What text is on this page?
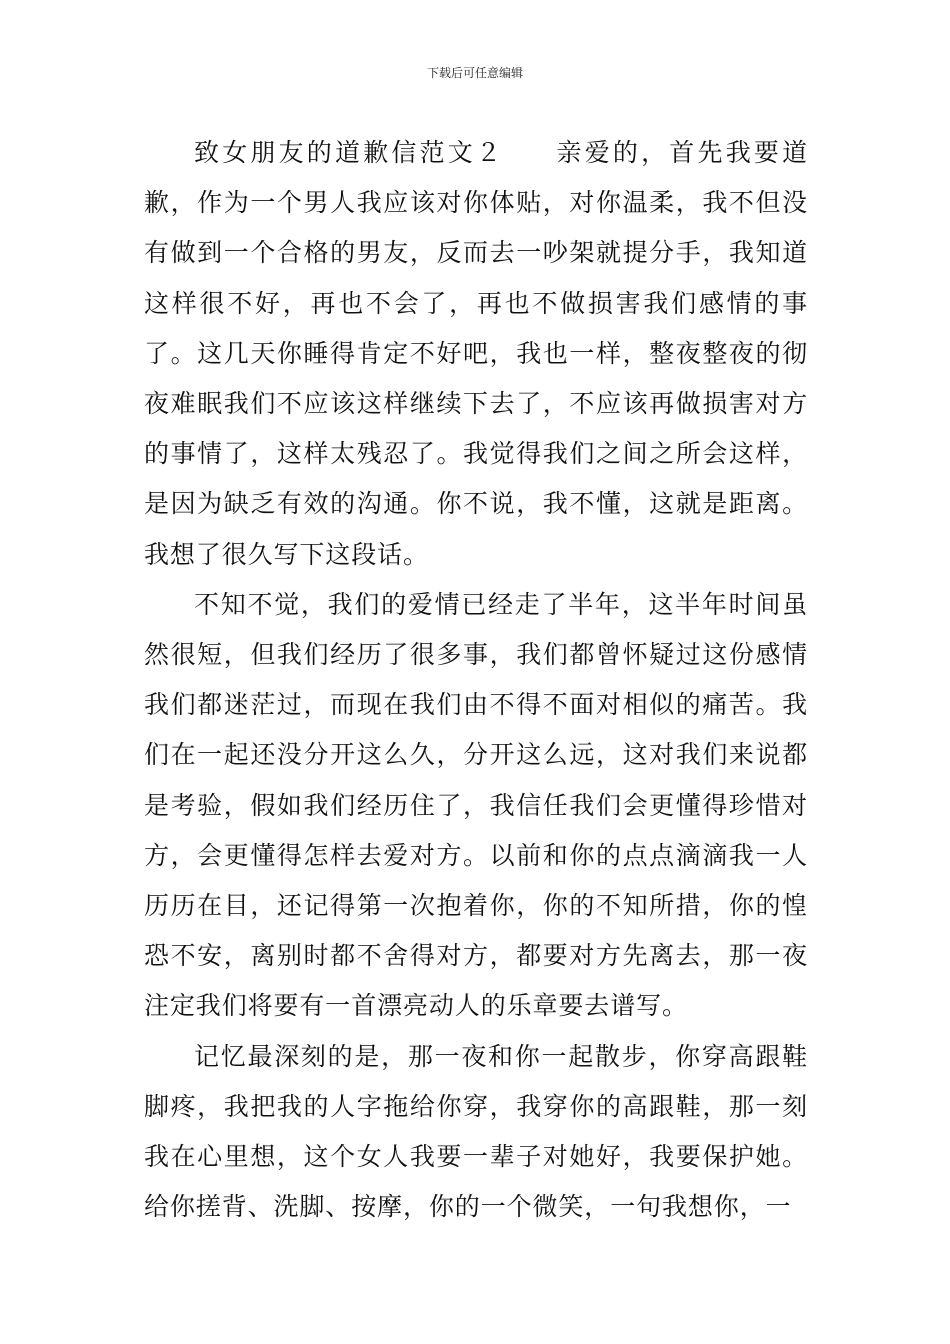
下载后可任意编辑

致女朋友的道歉信范文２ 亲爱的，首先我要道歉，作为一个男人我应该对你体贴，对你温柔，我不但没有做到一个合格的男友，反而去一吵架就提分手，我知道这样很不好，再也不会了，再也不做损害我们感情的事了。这几天你睡得肯定不好吧，我也一样，整夜整夜的彻夜难眠我们不应该这样继续下去了，不应该再做损害对方的事情了，这样太残忍了。我觉得我们之间之所会这样，是因为缺乏有效的沟通。你不说，我不懂，这就是距离。我想了很久写下这段话。

不知不觉，我们的爱情已经走了半年，这半年时间虽然很短，但我们经历了很多事，我们都曾怀疑过这份感情我们都迷茫过，而现在我们由不得不面对相似的痛苦。我们在一起还没分开这么久，分开这么远，这对我们来说都是考验，假如我们经历住了，我信任我们会更懂得珍惜对方，会更懂得怎样去爱对方。以前和你的点点滴滴我一人历历在目，还记得第一次抱着你，你的不知所措，你的惶恐不安，离别时都不舍得对方，都要对方先离去，那一夜注定我们将要有一首漂亮动人的乐章要去谱写。

记忆最深刻的是，那一夜和你一起散步，你穿高跟鞋脚疼，我把我的人字拖给你穿，我穿你的高跟鞋，那一刻我在心里想，这个女人我要一辈子对她好，我要保护她。给你搓背、洗脚、按摩，你的一个微笑，一句我想你，一
